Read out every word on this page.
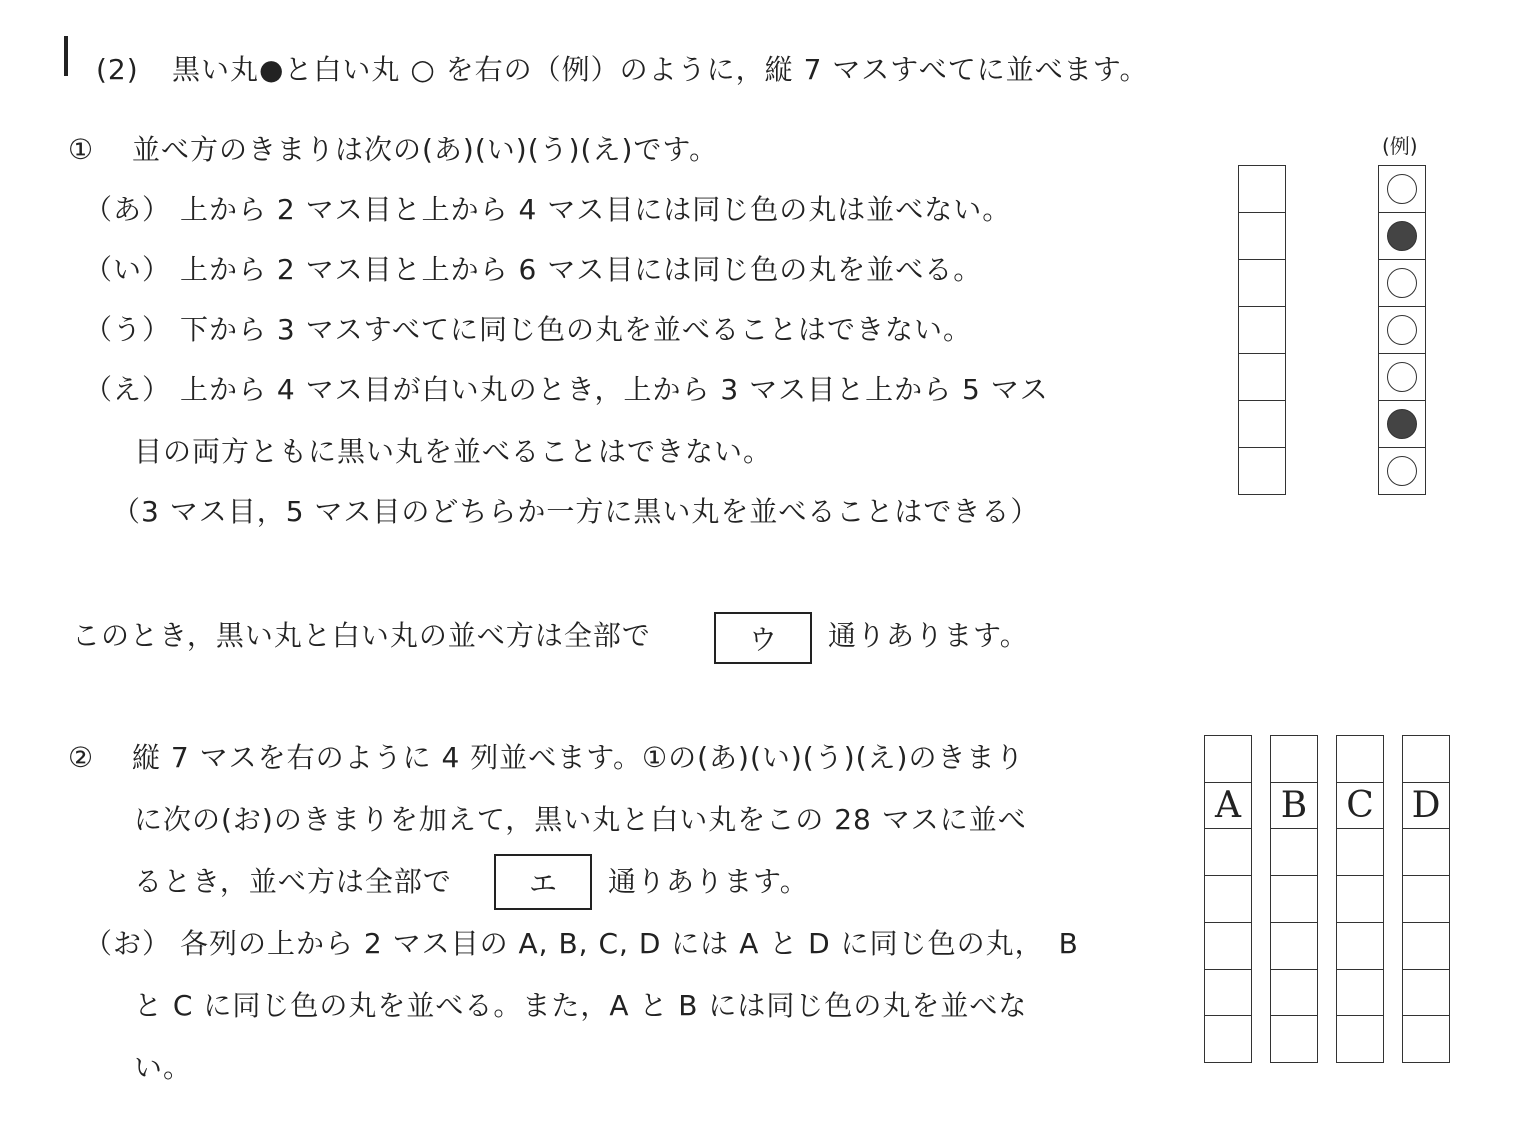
(2) 黒い丸●と白い丸 ○ を右の（例）のように，縦 7 マスすべてに並べます。
① 並べ方のきまりは次の(あ)(い)(う)(え)です。
（あ） 上から 2 マス目と上から 4 マス目には同じ色の丸は並べない。
（い） 上から 2 マス目と上から 6 マス目には同じ色の丸を並べる。
（う） 下から 3 マスすべてに同じ色の丸を並べることはできない。
（え） 上から 4 マス目が白い丸のとき，上から 3 マス目と上から 5 マス
目の両方ともに黒い丸を並べることはできない。
（3 マス目，5 マス目のどちらか一方に黒い丸を並べることはできる）
このとき，黒い丸と白い丸の並べ方は全部で	ウ 通りあります。
(例)
② 縦 7 マスを右のように 4 列並べます。①の(あ)(い)(う)(え)のきまり
に次の(お)のきまりを加えて，黒い丸と白い丸をこの 28 マスに並べ
るとき，並べ方は全部で	エ 通りあります。
（お） 各列の上から 2 マス目の A, B, C, D には A と D に同じ色の丸，　B
と C に同じ色の丸を並べる。また，A と B には同じ色の丸を並べな
い。
A B C D
